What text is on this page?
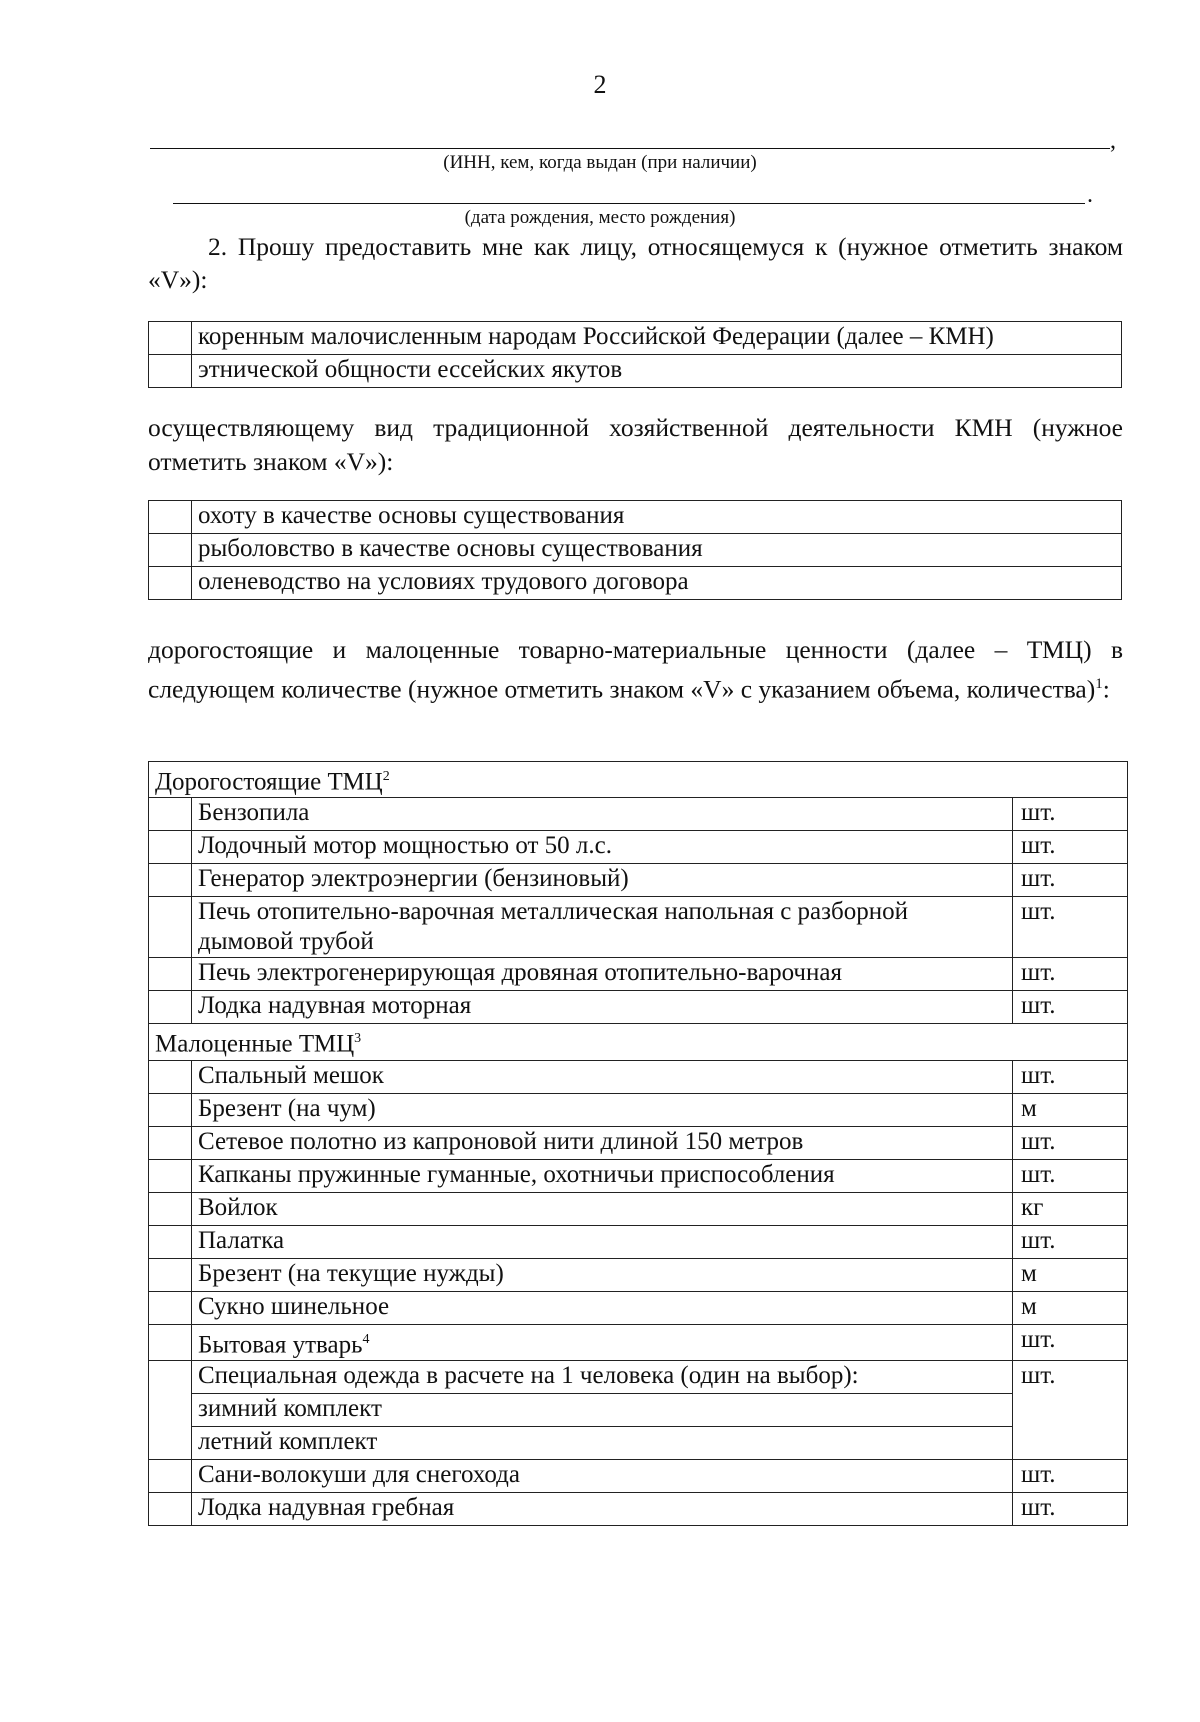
2
,
(ИНН, кем, когда выдан (при наличии)
.
(дата рождения, место рождения)
2. Прошу предоставить мне как лицу, относящемуся к (нужное отметить знаком «V»):
	коренным малочисленным народам Российской Федерации (далее – КМН)
	этнической общности ессейских якутов
осуществляющему вид традиционной хозяйственной деятельности КМН (нужное отметить знаком «V»):
	охоту в качестве основы существования
	рыболовство в качестве основы существования
	оленеводство на условиях трудового договора
дорогостоящие и малоценные товарно-материальные ценности (далее – ТМЦ) в следующем количестве (нужное отметить знаком «V» с указанием объема, количества)$^1$:
Дорогостоящие ТМЦ$^2$
	Бензопила	шт.
	Лодочный мотор мощностью от 50 л.с.	шт.
	Генератор электроэнергии (бензиновый)	шт.
	Печь отопительно-варочная металлическая напольная с разборной дымовой трубой	шт.
	Печь электрогенерирующая дровяная отопительно-варочная	шт.
	Лодка надувная моторная	шт.
Малоценные ТМЦ$^3$
	Спальный мешок	шт.
	Брезент (на чум)	м
	Сетевое полотно из капроновой нити длиной 150 метров	шт.
	Капканы пружинные гуманные, охотничьи приспособления	шт.
	Войлок	кг
	Палатка	шт.
	Брезент (на текущие нужды)	м
	Сукно шинельное	м
	Бытовая утварь$^4$	шт.
	Специальная одежда в расчете на 1 человека (один на выбор):	шт.
	зимний комплект	
	летний комплект	
	Сани-волокуши для снегохода	шт.
	Лодка надувная гребная	шт.
